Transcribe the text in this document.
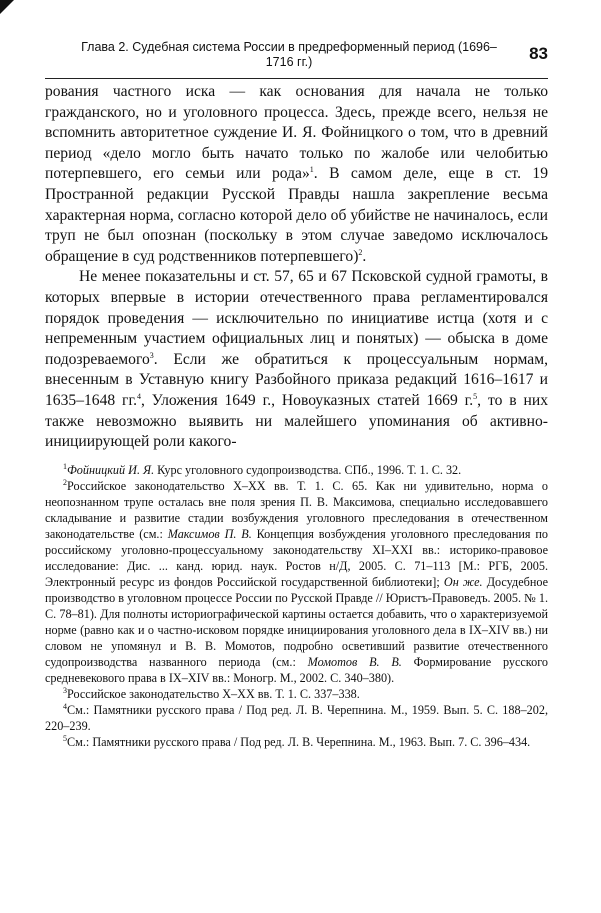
Глава 2. Судебная система России в предреформенный период (1696–1716 гг.)	83

рования частного иска — как основания для начала не только гражданского, но и уголовного процесса. Здесь, прежде всего, нельзя не вспомнить авторитетное суждение И. Я. Фойницкого о том, что в древний период «дело могло быть начато только по жалобе или челобитью потерпевшего, его семьи или рода»$^1$. В самом деле, еще в ст. 19 Пространной редакции Русской Правды нашла закрепление весьма характерная норма, согласно которой дело об убийстве не начиналось, если труп не был опознан (поскольку в этом случае заведомо исключалось обращение в суд родственников потерпевшего)$^2$.

Не менее показательны и ст. 57, 65 и 67 Псковской судной грамоты, в которых впервые в истории отечественного права регламентировался порядок проведения — исключительно по инициативе истца (хотя и с непременным участием официальных лиц и понятых) — обыска в доме подозреваемого$^3$. Если же обратиться к процессуальным нормам, внесенным в Уставную книгу Разбойного приказа редакций 1616–1617 и 1635–1648 гг.$^4$, Уложения 1649 г., Новоуказных статей 1669 г.$^5$, то в них также невозможно выявить ни малейшего упоминания об активно-инициирующей роли какого-

$^1$Фойницкий И. Я. Курс уголовного судопроизводства. СПб., 1996. Т. 1. С. 32.

$^2$Российское законодательство X–XX вв. Т. 1. С. 65. Как ни удивительно, норма о неопознанном трупе осталась вне поля зрения П. В. Максимова, специально исследовавшего складывание и развитие стадии возбуждения уголовного преследования в отечественном законодательстве (см.: Максимов П. В. Концепция возбуждения уголовного преследования по российскому уголовно-процессуальному законодательству XI–XXI вв.: историко-правовое исследование: Дис. ... канд. юрид. наук. Ростов н/Д, 2005. С. 71–113 [М.: РГБ, 2005. Электронный ресурс из фондов Российской государственной библиотеки]; Он же. Досудебное производство в уголовном процессе России по Русской Правде // Юристъ-Правоведъ. 2005. № 1. С. 78–81). Для полноты историографической картины остается добавить, что о характеризуемой норме (равно как и о частно-исковом порядке инициирования уголовного дела в IX–XIV вв.) ни словом не упомянул и В. В. Момотов, подробно осветивший развитие отечественного судопроизводства названного периода (см.: Момотов В. В. Формирование русского средневекового права в IX–XIV вв.: Моногр. М., 2002. С. 340–380).

$^3$Российское законодательство X–XX вв. Т. 1. С. 337–338.

$^4$См.: Памятники русского права / Под ред. Л. В. Черепнина. М., 1959. Вып. 5. С. 188–202, 220–239.

$^5$См.: Памятники русского права / Под ред. Л. В. Черепнина. М., 1963. Вып. 7. С. 396–434.
